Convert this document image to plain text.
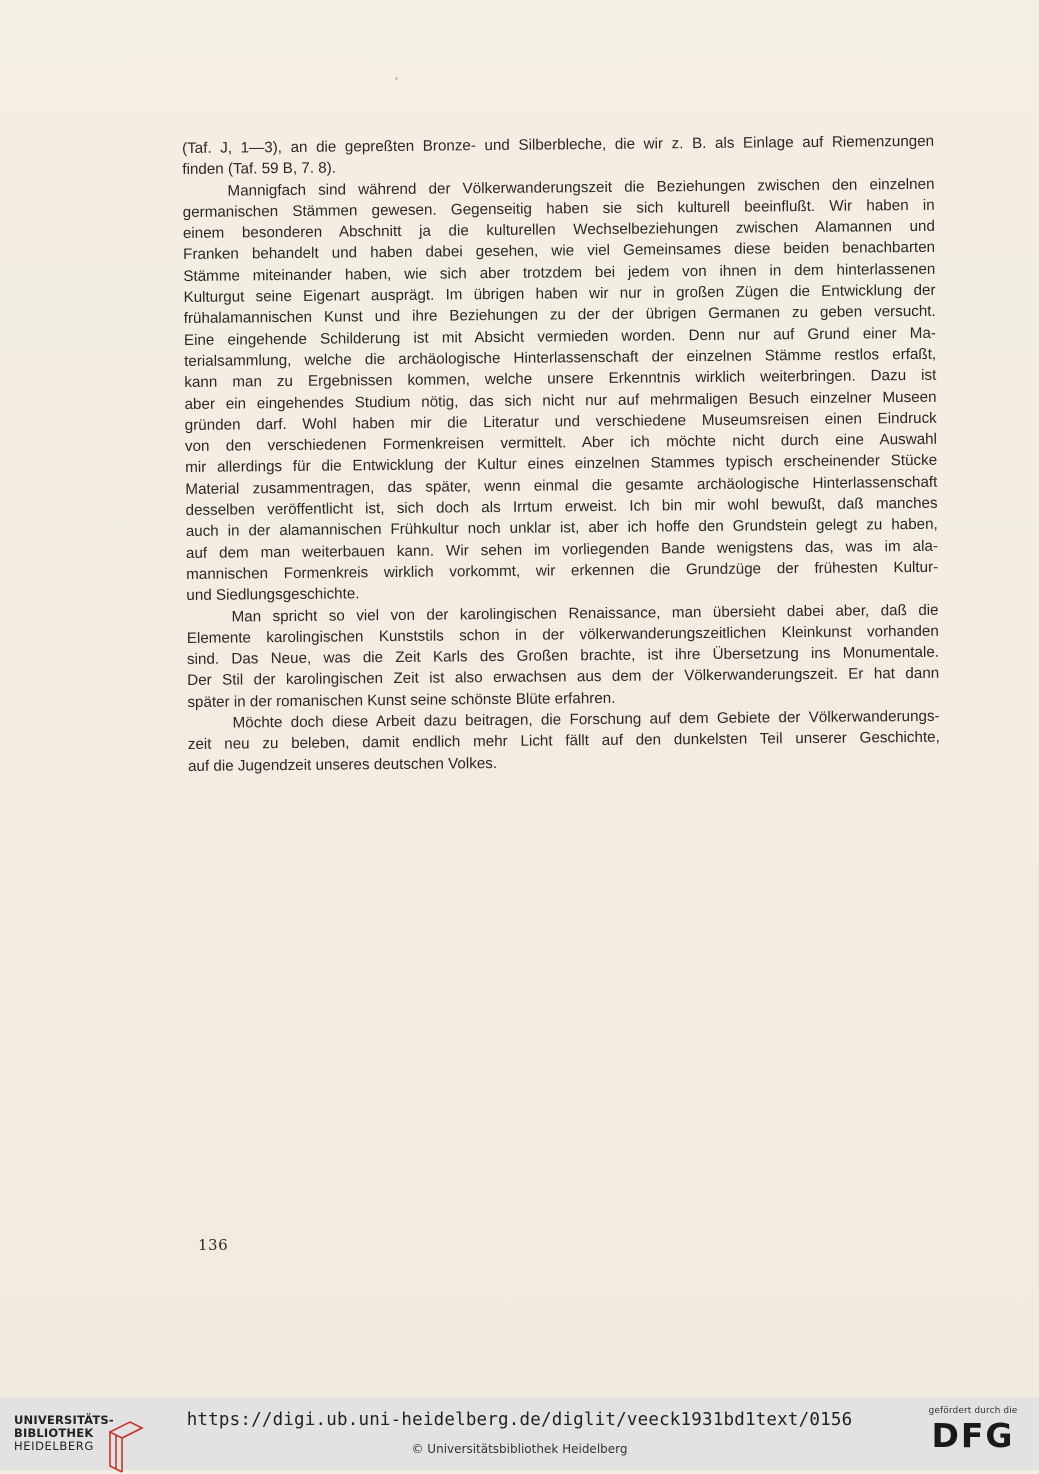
(Taf. J, 1—3), an die gepreßten Bronze- und Silberbleche, die wir z. B. als Einlage auf Riemenzungen
finden (Taf. 59 B, 7. 8).
Mannigfach sind während der Völkerwanderungszeit die Beziehungen zwischen den einzelnen
germanischen Stämmen gewesen. Gegenseitig haben sie sich kulturell beeinflußt. Wir haben in
einem besonderen Abschnitt ja die kulturellen Wechselbeziehungen zwischen Alamannen und
Franken behandelt und haben dabei gesehen, wie viel Gemeinsames diese beiden benachbarten
Stämme miteinander haben, wie sich aber trotzdem bei jedem von ihnen in dem hinterlassenen
Kulturgut seine Eigenart ausprägt. Im übrigen haben wir nur in großen Zügen die Entwicklung der
frühalamannischen Kunst und ihre Beziehungen zu der der übrigen Germanen zu geben versucht.
Eine eingehende Schilderung ist mit Absicht vermieden worden. Denn nur auf Grund einer Ma-
terialsammlung, welche die archäologische Hinterlassenschaft der einzelnen Stämme restlos erfaßt,
kann man zu Ergebnissen kommen, welche unsere Erkenntnis wirklich weiterbringen. Dazu ist
aber ein eingehendes Studium nötig, das sich nicht nur auf mehrmaligen Besuch einzelner Museen
gründen darf. Wohl haben mir die Literatur und verschiedene Museumsreisen einen Eindruck
von den verschiedenen Formenkreisen vermittelt. Aber ich möchte nicht durch eine Auswahl
mir allerdings für die Entwicklung der Kultur eines einzelnen Stammes typisch erscheinender Stücke
Material zusammentragen, das später, wenn einmal die gesamte archäologische Hinterlassenschaft
desselben veröffentlicht ist, sich doch als Irrtum erweist. Ich bin mir wohl bewußt, daß manches
auch in der alamannischen Frühkultur noch unklar ist, aber ich hoffe den Grundstein gelegt zu haben,
auf dem man weiterbauen kann. Wir sehen im vorliegenden Bande wenigstens das, was im ala-
mannischen Formenkreis wirklich vorkommt, wir erkennen die Grundzüge der frühesten Kultur-
und Siedlungsgeschichte.
Man spricht so viel von der karolingischen Renaissance, man übersieht dabei aber, daß die
Elemente karolingischen Kunststils schon in der völkerwanderungszeitlichen Kleinkunst vorhanden
sind. Das Neue, was die Zeit Karls des Großen brachte, ist ihre Übersetzung ins Monumentale.
Der Stil der karolingischen Zeit ist also erwachsen aus dem der Völkerwanderungszeit. Er hat dann
später in der romanischen Kunst seine schönste Blüte erfahren.
Möchte doch diese Arbeit dazu beitragen, die Forschung auf dem Gebiete der Völkerwanderungs-
zeit neu zu beleben, damit endlich mehr Licht fällt auf den dunkelsten Teil unserer Geschichte,
auf die Jugendzeit unseres deutschen Volkes.
136
UNIVERSITÄTS-
BIBLIOTHEK
HEIDELBERG
https://digi.ub.uni-heidelberg.de/diglit/veeck1931bd1text/0156
© Universitätsbibliothek Heidelberg
gefördert durch die
DFG
